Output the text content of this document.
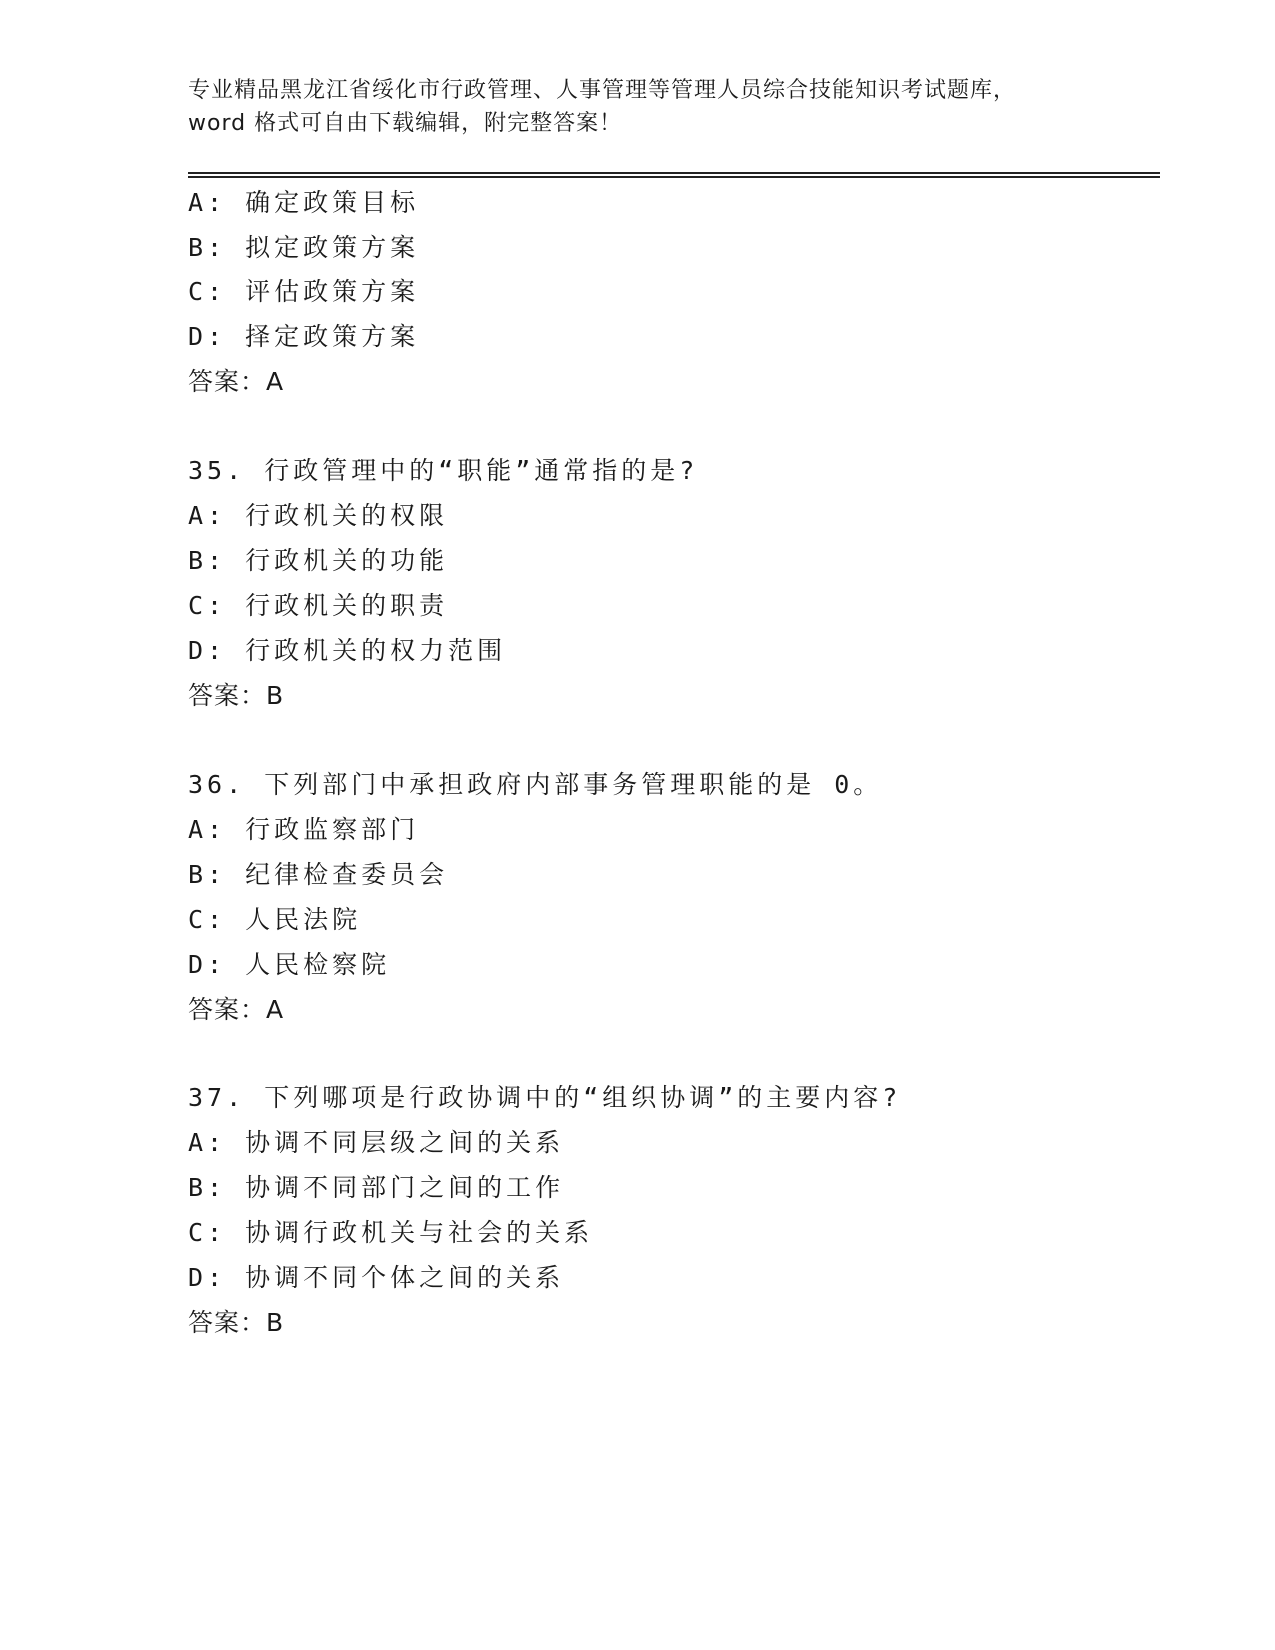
专业精品黑龙江省绥化市行政管理、人事管理等管理人员综合技能知识考试题库，
word 格式可自由下载编辑，附完整答案！
A: 确定政策目标
B: 拟定政策方案
C: 评估政策方案
D: 择定政策方案
答案：A
35. 行政管理中的“职能”通常指的是?
A: 行政机关的权限
B: 行政机关的功能
C: 行政机关的职责
D: 行政机关的权力范围
答案：B
36. 下列部门中承担政府内部事务管理职能的是 0。
A: 行政监察部门
B: 纪律检查委员会
C: 人民法院
D: 人民检察院
答案：A
37. 下列哪项是行政协调中的“组织协调”的主要内容?
A: 协调不同层级之间的关系
B: 协调不同部门之间的工作
C: 协调行政机关与社会的关系
D: 协调不同个体之间的关系
答案：B
